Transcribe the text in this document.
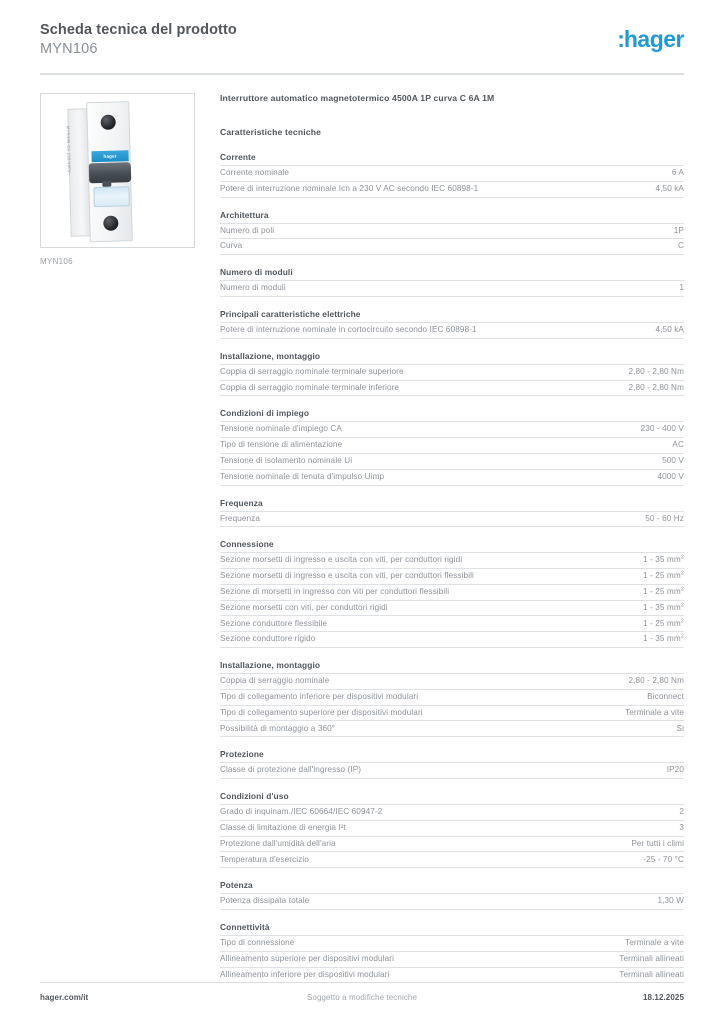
Scheda tecnica del prodotto
MYN106	:hager
MYN106 C6 230/400V~	hager
MYN106
Interruttore automatico magnetotermico 4500A 1P curva C 6A 1M
Caratteristiche tecniche
Corrente
Corrente nominale	6 A
Potere di interruzione nominale Icn a 230 V AC secondo IEC 60898-1	4,50 kA
Architettura
Numero di poli	1P
Curva	C
Numero di moduli
Numero di moduli	1
Principali caratteristiche elettriche
Potere di interruzione nominale in cortocircuito secondo IEC 60898-1	4,50 kA
Installazione, montaggio
Coppia di serraggio nominale terminale superiore	2,80 - 2,80 Nm
Coppia di serraggio nominale terminale inferiore	2,80 - 2,80 Nm
Condizioni di impiego
Tensione nominale d'impiego CA	230 - 400 V
Tipo di tensione di alimentazione	AC
Tensione di isolamento nominale Ui	500 V
Tensione nominale di tenuta d'impulso Uimp	4000 V
Frequenza
Frequenza	50 - 60 Hz
Connessione
Sezione morsetti di ingresso e uscita con viti, per conduttori rigidi	1 - 35 $mm^2$
Sezione morsetti di ingresso e uscita con viti, per conduttori flessibili	1 - 25 $mm^2$
Sezione di morsetti in ingresso con viti per conduttori flessibili	1 - 25 $mm^2$
Sezione morsetti con viti, per conduttori rigidi	1 - 35 $mm^2$
Sezione conduttore flessibile	1 - 25 $mm^2$
Sezione conduttore rigido	1 - 35 $mm^2$
Installazione, montaggio
Coppia di serraggio nominale	2,80 - 2,80 Nm
Tipo di collegamento inferiore per dispositivi modulari	Biconnect
Tipo di collegamento superiore per dispositivi modulari	Terminale a vite
Possibilità di montaggio a 360°	Si
Protezione
Classe di protezione dall'ingresso (IP)	IP20
Condizioni d'uso
Grado di inquinam./IEC 60664/IEC 60947-2	2
Classe di limitazione di energia I²t	3
Protezione dall'umidità dell'aria	Per tutti i climi
Temperatura d'esercizio	-25 - 70 °C
Potenza
Potenza dissipata totale	1,30 W
Connettività
Tipo di connessione	Terminale a vite
Allineamento superiore per dispositivi modulari	Terminali allineati
Allineamento inferiore per dispositivi modulari	Terminali allineati
hager.com/it	Soggetto a modifiche tecniche	18.12.2025
